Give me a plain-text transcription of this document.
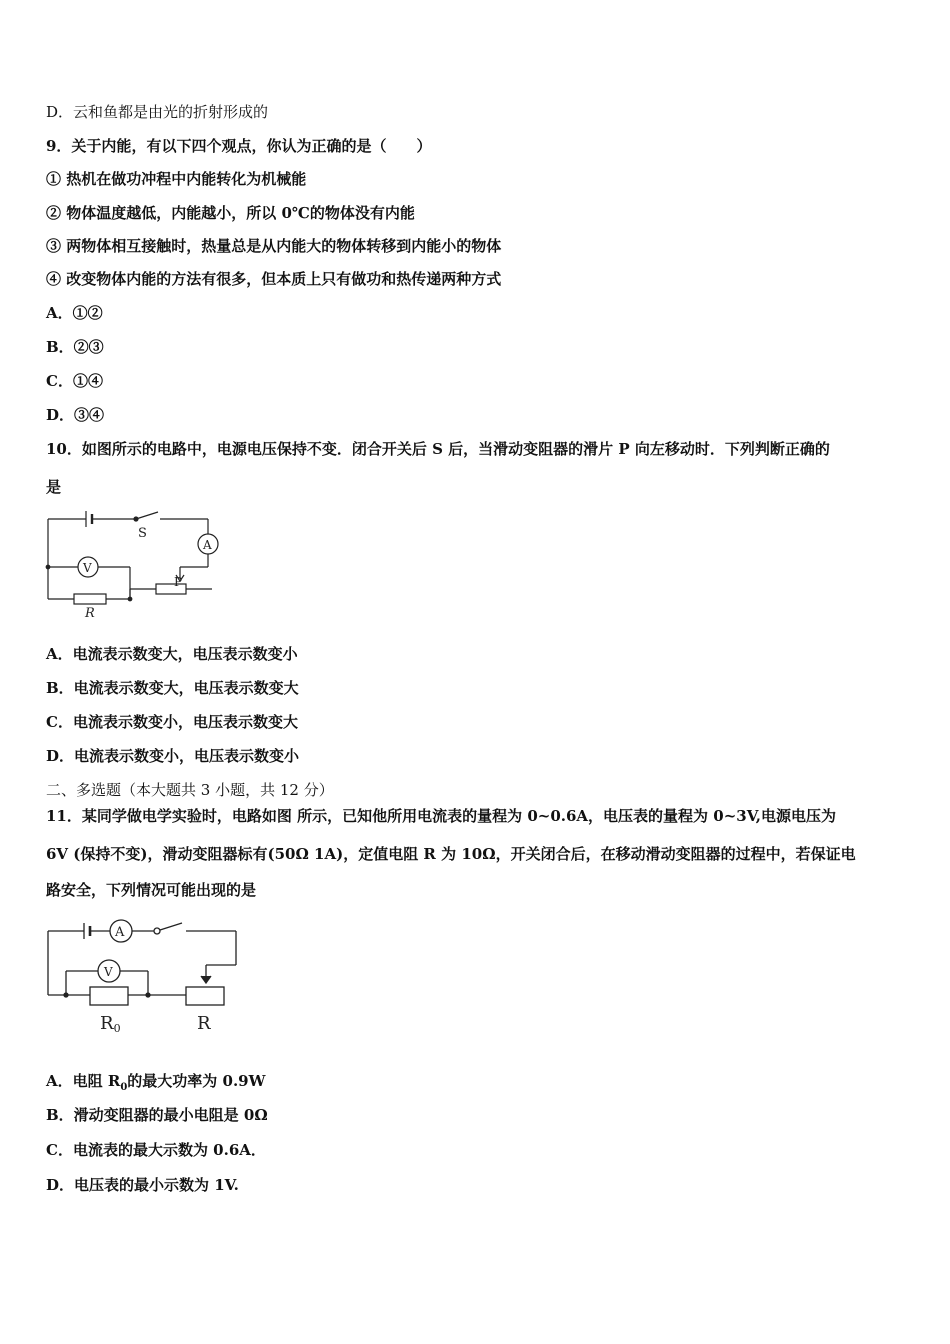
D．云和鱼都是由光的折射形成的
9．关于内能，有以下四个观点，你认为正确的是（　　）
① 热机在做功冲程中内能转化为机械能
② 物体温度越低，内能越小，所以 0℃的物体没有内能
③ 两物体相互接触时，热量总是从内能大的物体转移到内能小的物体
④ 改变物体内能的方法有很多，但本质上只有做功和热传递两种方式
A．①②
B．②③
C．①④
D．③④
10．如图所示的电路中，电源电压保持不变．闭合开关后 S 后，当滑动变阻器的滑片 P 向左移动时．下列判断正确的
是
S
A
V
P
R
A．电流表示数变大，电压表示数变小
B．电流表示数变大，电压表示数变大
C．电流表示数变小，电压表示数变大
D．电流表示数变小，电压表示数变小
二、多选题（本大题共 3 小题，共 12 分）
11．某同学做电学实验时，电路如图 所示，已知他所用电流表的量程为 0~0.6A，电压表的量程为 0~3V,电源电压为
6V (保持不变)，滑动变阻器标有(50Ω 1A)，定值电阻 R 为 10Ω，开关闭合后，在移动滑动变阻器的过程中，若保证电
路安全，下列情况可能出现的是
A
V
R0	R
A．电阻 $R_0$的最大功率为 0.9W
B．滑动变阻器的最小电阻是 0Ω
C．电流表的最大示数为 0.6A．
D．电压表的最小示数为 1V.
